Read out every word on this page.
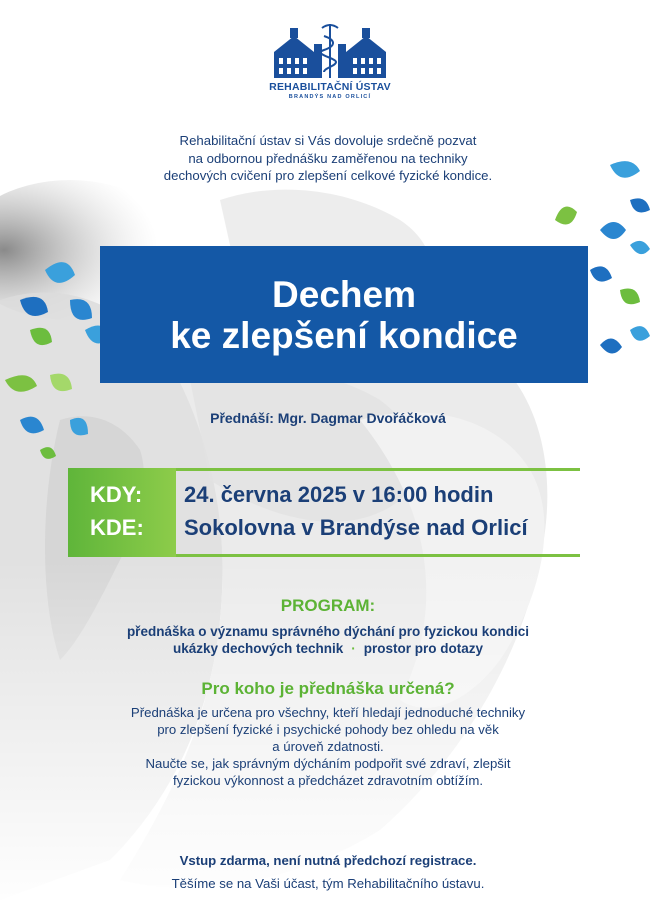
REHABILITAČNÍ ÚSTAV
BRANDÝS NAD ORLICÍ
Rehabilitační ústav si Vás dovoluje srdečně pozvat
na odbornou přednášku zaměřenou na techniky
dechových cvičení pro zlepšení celkové fyzické kondice.
Dechem
ke zlepšení kondice
Přednáší: Mgr. Dagmar Dvořáčková
KDY:
KDE:
24. června 2025 v 16:00 hodin
Sokolovna v Brandýse nad Orlicí
PROGRAM:
přednáška o významu správného dýchání pro fyzickou kondici
ukázky dechových technik · prostor pro dotazy
Pro koho je přednáška určená?
Přednáška je určena pro všechny, kteří hledají jednoduché techniky
pro zlepšení fyzické i psychické pohody bez ohledu na věk
a úroveň zdatnosti.
Naučte se, jak správným dýcháním podpořit své zdraví, zlepšit
fyzickou výkonnost a předcházet zdravotním obtížím.
Vstup zdarma, není nutná předchozí registrace.
Těšíme se na Vaši účast, tým Rehabilitačního ústavu.
